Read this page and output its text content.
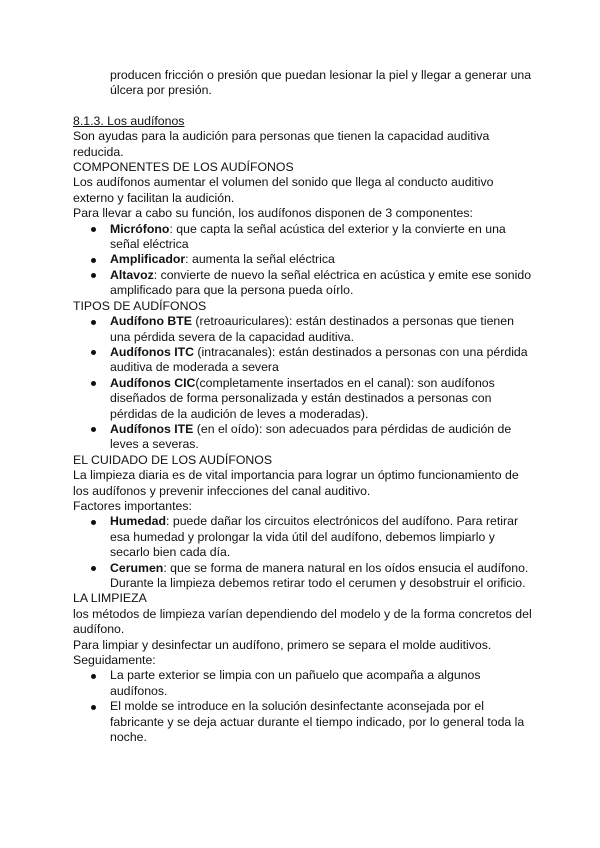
producen fricción o presión que puedan lesionar la piel y llegar a generar una úlcera por presión.

8.1.3. Los audífonos

Son ayudas para la audición para personas que tienen la capacidad auditiva reducida.

COMPONENTES DE LOS AUDÍFONOS

Los audífonos aumentar el volumen del sonido que llega al conducto auditivo externo y facilitan la audición.

Para llevar a cabo su función, los audífonos disponen de 3 componentes:

Micrófono: que capta la señal acústica del exterior y la convierte en una señal eléctrica
Amplificador: aumenta la señal eléctrica
Altavoz: convierte de nuevo la señal eléctrica en acústica y emite ese sonido amplificado para que la persona pueda oírlo.

TIPOS DE AUDÍFONOS

Audífono BTE (retroauriculares): están destinados a personas que tienen una pérdida severa de la capacidad auditiva.
Audífonos ITC (intracanales): están destinados a personas con una pérdida auditiva de moderada a severa
Audífonos CIC(completamente insertados en el canal): son audífonos diseñados de forma personalizada y están destinados a personas con pérdidas de la audición de leves a moderadas).
Audífonos ITE (en el oído): son adecuados para pérdidas de audición de leves a severas.

EL CUIDADO DE LOS AUDÍFONOS

La limpieza diaria es de vital importancia para lograr un óptimo funcionamiento de los audífonos y prevenir infecciones del canal auditivo.

Factores importantes:

Humedad: puede dañar los circuitos electrónicos del audífono. Para retirar esa humedad y prolongar la vida útil del audífono, debemos limpiarlo y secarlo bien cada día.
Cerumen: que se forma de manera natural en los oídos ensucia el audífono. Durante la limpieza debemos retirar todo el cerumen y desobstruir el orificio.

LA LIMPIEZA

los métodos de limpieza varían dependiendo del modelo y de la forma concretos del audífono.

Para limpiar y desinfectar un audífono, primero se separa el molde auditivos.

Seguidamente:

La parte exterior se limpia con un pañuelo que acompaña a algunos audífonos.
El molde se introduce en la solución desinfectante aconsejada por el fabricante y se deja actuar durante el tiempo indicado, por lo general toda la noche.
